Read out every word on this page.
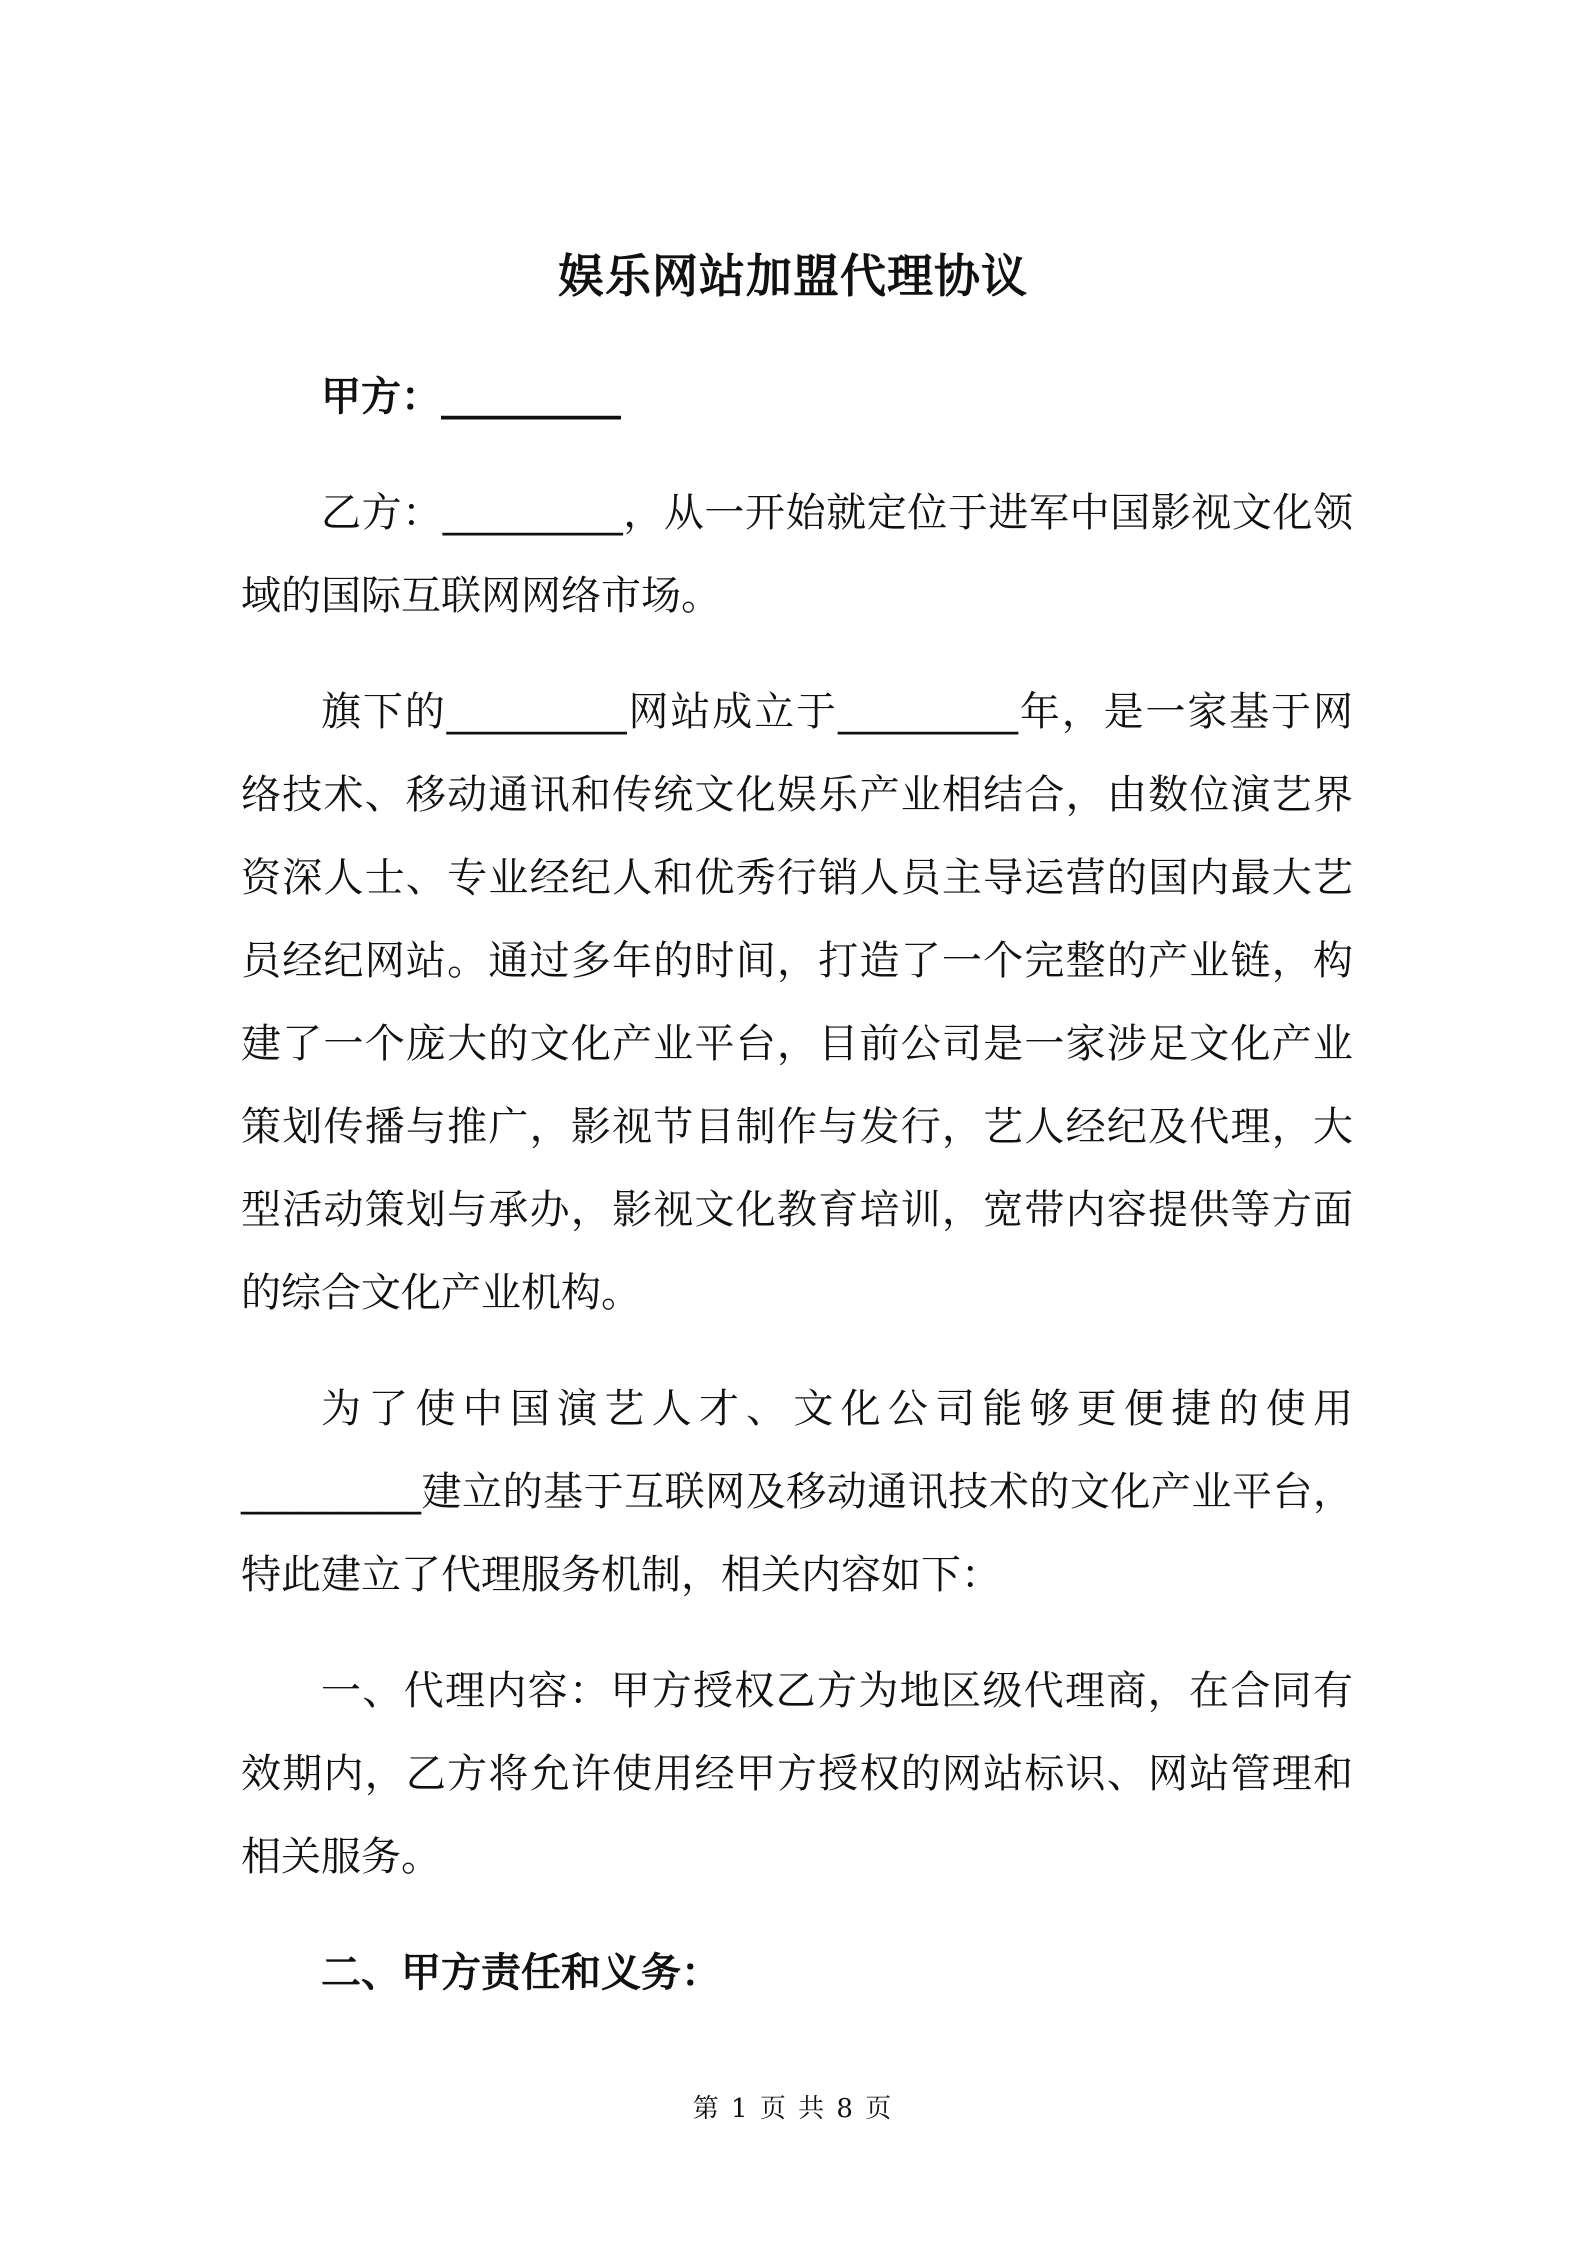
娱乐网站加盟代理协议

甲方：_________

乙方：_________，从一开始就定位于进军中国影视文化领域的国际互联网网络市场。

旗下的_________网站成立于_________年，是一家基于网络技术、移动通讯和传统文化娱乐产业相结合，由数位演艺界资深人士、专业经纪人和优秀行销人员主导运营的国内最大艺员经纪网站。通过多年的时间，打造了一个完整的产业链，构建了一个庞大的文化产业平台，目前公司是一家涉足文化产业策划传播与推广，影视节目制作与发行，艺人经纪及代理，大型活动策划与承办，影视文化教育培训，宽带内容提供等方面的综合文化产业机构。

为了使中国演艺人才、文化公司能够更便捷的使用_________建立的基于互联网及移动通讯技术的文化产业平台，特此建立了代理服务机制，相关内容如下：

一、代理内容：甲方授权乙方为地区级代理商，在合同有效期内，乙方将允许使用经甲方授权的网站标识、网站管理和相关服务。

二、甲方责任和义务：

第 1 页 共 8 页
